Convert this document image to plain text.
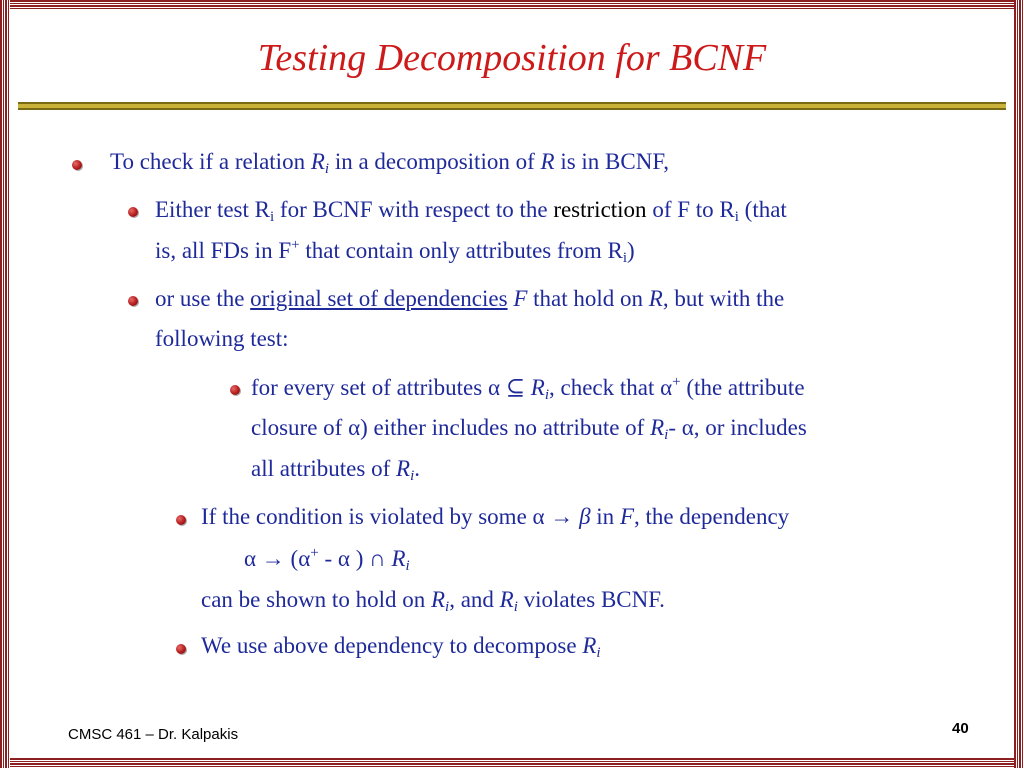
Testing Decomposition for BCNF
To check if a relation $R_i$ in a decomposition of R is in BCNF,
Either test $R_i$ for BCNF with respect to the restriction of F to $R_i$ (that
is, all FDs in F+ that contain only attributes from $R_i$)
or use the original set of dependencies F that hold on R, but with the
following test:
for every set of attributes α ⊆ $R_i$, check that α+ (the attribute
closure of α) either includes no attribute of $R_i-$ α, or includes
all attributes of $R_i$.
If the condition is violated by some α → β in F, the dependency
α → (α+ - α ) ∩ $R_i$
can be shown to hold on $R_i$, and $R_i$ violates BCNF.
We use above dependency to decompose $R_i$
CMSC 461 – Dr. Kalpakis	40
